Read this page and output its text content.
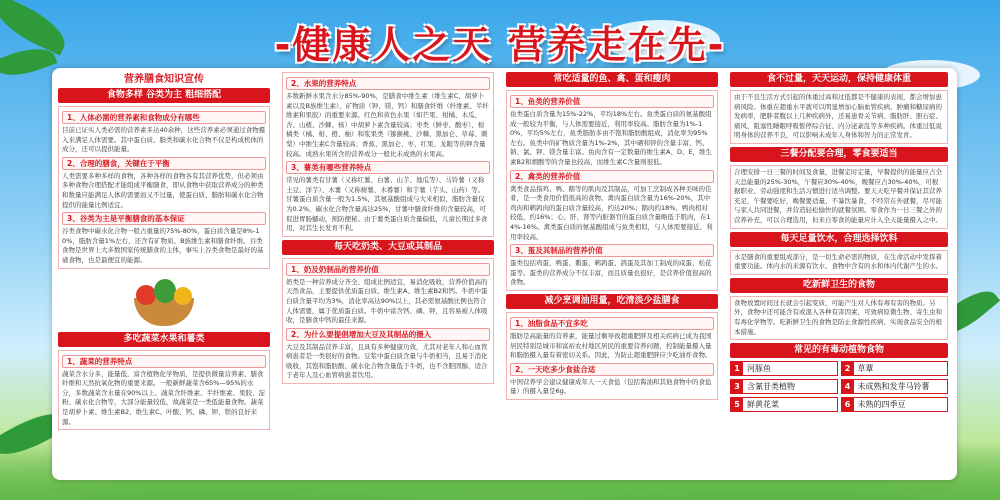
-健康人之天 营养走在先-
营养膳食知识宣传
食物多样 谷类为主 粗细搭配
1、人体必需的营养素和食物成分有哪些

目前已证实人类必需的营养素多达40余种，这些营养素必须通过食物摄入来满足人体需要。其中蛋白质、脂类和碳水化合物不仅是构成机体的成分，还可以提供能量。

2、合理的膳食，关键在于平衡

人类需要多种多样的食物，各种各样的食物各有其营养优势，但必须由多种食物合理搭配才能组成平衡膳食，即从食物中获取营养成分的种类和数量应能满足人体的需要而又不过量，使蛋白质、脂肪和碳水化合物提供的能量比例适宜。

3、谷类为主是平衡膳食的基本保证

谷类食物中碳水化合物一般占重量的75%-80%，蛋白质含量是8%-10%，脂肪含量1%左右，还含有矿物质、B族维生素和膳食纤维。谷类食物是世界上大多数国家传统膳食的主体，事实上谷类食物是最好的基础食物，也是最便宜的能源。

多吃蔬菜水果和薯类
1、蔬菜的营养特点

蔬菜含水分多，能量低，富含植物化学物质，是提供微量营养素、膳食纤维和天然抗氧化物的重要来源。一般新鲜蔬菜含65%—95%的水分，多数蔬菜含水量在90%以上。蔬菜含纤维素、半纤维素、果胶、淀粉、碳水化合物等，大部分能量较低，故蔬菜是一类低能量食物。蔬菜是胡萝卜素、维生素B2、维生素C、叶酸、钙、磷、钾、铁的良好来源。

2、水果的营养特点

多数新鲜水果含水分85%-90%，是膳食中维生素（维生素C、胡萝卜素以及B族维生素）、矿物质（钾、镁、钙）和膳食纤维（纤维素、半纤维素和果胶）的重要来源。红色和黄色水果（如芒果、柑橘、木瓜、杏、山楂、沙棘、杨）中胡萝卜素含量较高；枣类（鲜枣、酸枣）、柑橘类（橘、柑、橙、柚）和浆果类（猕猴桃、沙棘、黑加仑、草莓、刺梨）中维生素C含量较高；香蕉、黑加仑、枣、红果、龙眼等的钾含量较高。成熟水果所含的营养成分一般比未成熟的水果高。

3、薯类有哪些营养特点

常见的薯类有甘薯（又称红薯、白薯、山芋、地瓜等）、马铃薯（又称土豆、洋芋）、木薯（又称树薯、木番薯）和芋薯（芋头、山药）等。甘薯蛋白质含量一般为1.5%，其氨基酸组成与大米相似，脂肪含量仅为0.2%，碳水化合物含量高达25%，甘薯中膳食纤维的含量较高，可促进胃肠蠕动，预防便秘。由于薯类蛋白质含量偏低，儿童长期过多食用，对其生长发育不利。

每天吃奶类、大豆或其制品
1、奶及奶制品的营养价值

奶类是一种营养成分齐全、组成比例适宜，易消化吸收，营养价值高的天然食品，主要提供优质蛋白质、维生素A、维生素B2和钙。牛奶中蛋白质含量平均为3%，消化率高达90%以上，其必需氨基酸比例也符合人体需要，属于优质蛋白质。牛奶中富含钙、磷、钾，且容易被人体吸收，是膳食中钙的最佳来源。

2、为什么要提倡增加大豆及其制品的摄入

大豆及其制品营养丰富，且具有多种健康功效，尤其对老年人和心血管病患者是一类很好的食物。豆浆中蛋白质含量与牛奶相当，且易于消化吸收，其饱和脂肪酸、碳水化合物含量低于牛奶，也不含胆固醇，适合于老年人及心血管病患者饮用。

常吃适量的鱼、禽、蛋和瘦肉
1、鱼类的营养价值

鱼类蛋白质含量为15%-22%，平均18%左右。鱼类蛋白质的氨基酸组成一般较为平衡，与人体需要接近，利用率较高。脂肪含量为1%-10%，平均5%左右，鱼类脂肪多由不饱和脂肪酸组成，消化率为95%左右。鱼类中的矿物质含量为1%-2%，其中硒和锌的含量丰富，钙、钠、氯、钾、镁含量丰富。鱼肉含有一定数量的维生素A、D、E，维生素B2和烟酸等的含量也较高，而维生素C含量则很低。

2、禽类的营养价值

禽类食品指鸡、鸭、鹅等的肌肉及其制品，可加工烹制成各种美味的佳肴，是一类食用价值很高的食物。禽肉蛋白质含量为16%-20%，其中鸡肉和鹌鹑肉的蛋白质含量较高，约达20%；鹅肉约18%，鸭肉相对较低，约16%；心、肝、肾等内脏器官的蛋白质含量略低于肌肉，在14%-16%。禽类蛋白质的氨基酸组成与鱼类相似，与人体需要接近，利用率较高。

3、蛋及其制品的营养价值

蛋类包括鸡蛋、鸭蛋、鹅蛋、鹌鹑蛋、鸽蛋及其加工制成的咸蛋、松花蛋等。蛋类的营养成分不仅丰富，而且质量也很好，是营养价值很高的食物。

减少烹调油用量，吃清淡少盐膳食
1、油脂食品不宜多吃

脂肪是高能量的营养素，能量过剩导致超重肥胖及相关疾病已成为我国居民特别是城市和富裕农村地区居民的重要营养问题，控制能量摄入量和脂肪摄入量有着密切关系。因此，为防止超重肥胖应少吃油炸食物。

2、一天吃多少食盐合适

中国营养学会建议健康成年人一天食盐（包括酱油和其他食物中的食盐量）的摄入量是6g。

食不过量，天天运动，保持健康体重

由于不良生活方式引起的体重过高和过低都是不健康的表现，都会增加患病风险。体重在超重水平就可以明显增加心脑血管疾病、肿瘤和糖尿病的发病率，肥胖者腹以上几种疾病外，还易患骨关节病、脂肪肝、胆石症、痛风、阻塞性睡眠呼吸暂停综合征、内分泌紊乱等多种疾病。体重过低说明身体的营养不良，可以影响未成年人身体和智力的正常发育。

三餐分配要合理，零食要适当

合理安排一日三餐的时间及食量，进餐定时定量，早餐提供的能量应占全天总能量的25%-30%，午餐应30%-40%，晚餐应占30%-40%，可根据职业、劳动强度和生活习惯进行适当调整。要天天吃早餐并保证其营养充足，午餐要吃好，晚餐要适量，不暴饮暴食，不经常在外就餐，尽可能与家人共同进餐，并营造轻松愉快的就餐氛围。零食作为一日三餐之外的营养补充，可以合理选用，但来自零食的能量应计入全天能量摄入之中。

每天足量饮水，合理选择饮料

水是膳食的重要组成部分，是一切生命必需的物质，在生命活动中发挥着重要功能。体内水的来源有饮水、食物中含有的水和体内代谢产生的水。

吃新鲜卫生的食物

食物放置时间过长就会引起变质，可能产生对人体有毒有害的物质。另外，食物中还可能含有或混入各种有害因素，可致病原微生物、寄生虫和有毒化学物等。吃新鲜卫生的食物是防止食源性疾病、实现食品安全的根本措施。

常见的有毒动植物食物
1 河豚鱼	2 草蕈
3 含氰苷类植物	4 未成熟和发芽马铃薯
5 鲜黄花菜	6 未熟的四季豆
